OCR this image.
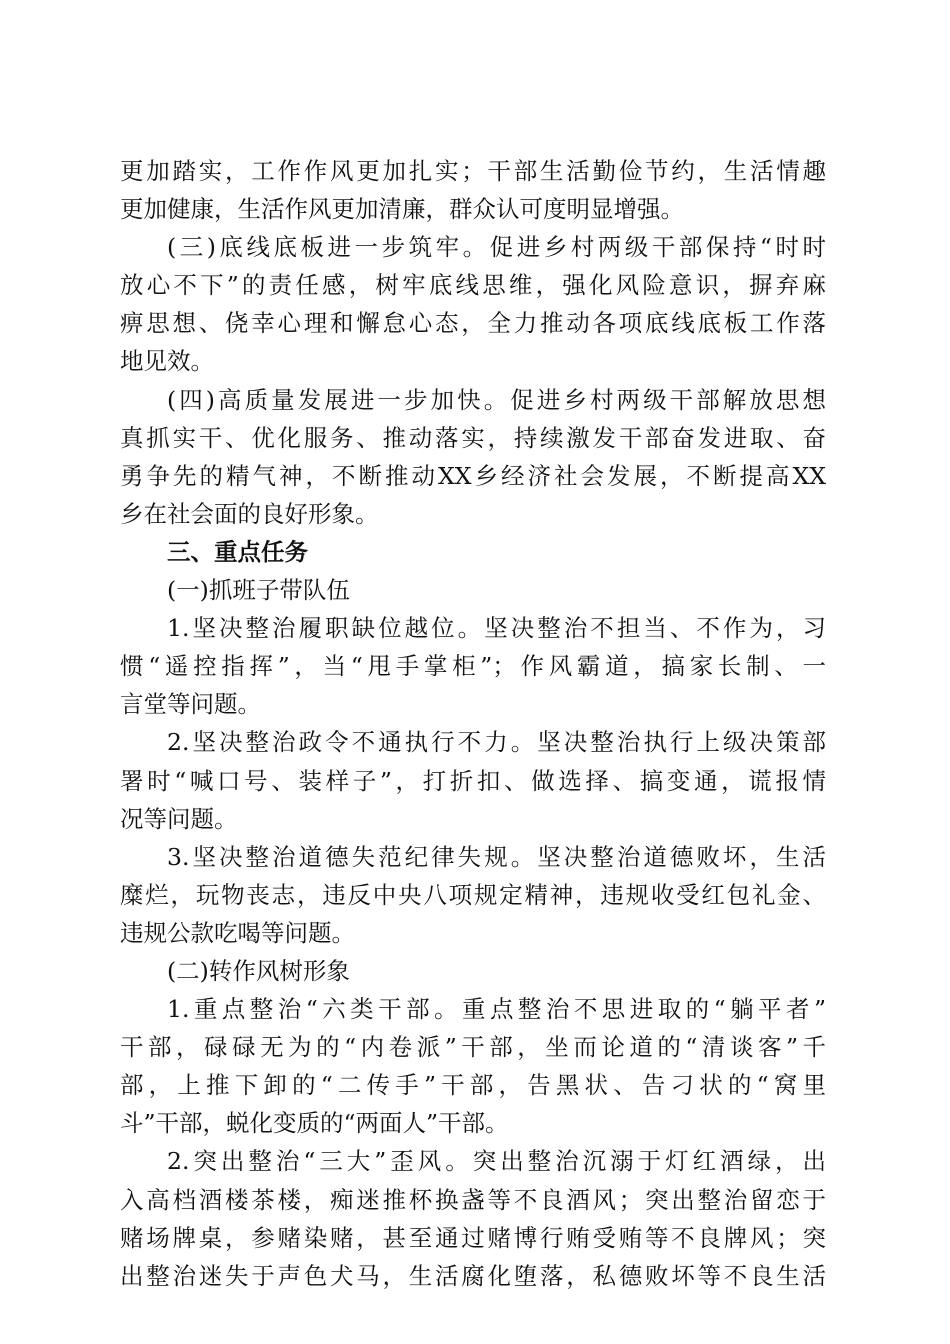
更加踏实，工作作风更加扎实；干部生活勤俭节约，生活情趣
更加健康，生活作风更加清廉，群众认可度明显增强。
(三)底线底板进一步筑牢。促进乡村两级干部保持“时时
放心不下”的责任感，树牢底线思维，强化风险意识，摒弃麻
痹思想、侥幸心理和懈怠心态，全力推动各项底线底板工作落
地见效。
(四)高质量发展进一步加快。促进乡村两级干部解放思想
真抓实干、优化服务、推动落实，持续激发干部奋发进取、奋
勇争先的精气神，不断推动XX乡经济社会发展，不断提高XX
乡在社会面的良好形象。
三、重点任务
(一)抓班子带队伍
1.坚决整治履职缺位越位。坚决整治不担当、不作为，习
惯“遥控指挥”，当“甩手掌柜”；作风霸道，搞家长制、一
言堂等问题。
2.坚决整治政令不通执行不力。坚决整治执行上级决策部
署时“喊口号、装样子”，打折扣、做选择、搞变通，谎报情
况等问题。
3.坚决整治道德失范纪律失规。坚决整治道德败坏，生活
糜烂，玩物丧志，违反中央八项规定精神，违规收受红包礼金、
违规公款吃喝等问题。
(二)转作风树形象
1.重点整治“六类干部。重点整治不思进取的“躺平者”
干部，碌碌无为的“内卷派”干部，坐而论道的“清谈客”千
部，上推下卸的“二传手”干部，告黑状、告刁状的“窝里
斗”干部，蜕化变质的“两面人”干部。
2.突出整治“三大”歪风。突出整治沉溺于灯红酒绿，出
入高档酒楼茶楼，痴迷推杯换盏等不良酒风；突出整治留恋于
赌场牌桌，参赌染赌，甚至通过赌博行贿受贿等不良牌风；突
出整治迷失于声色犬马，生活腐化堕落，私德败坏等不良生活
